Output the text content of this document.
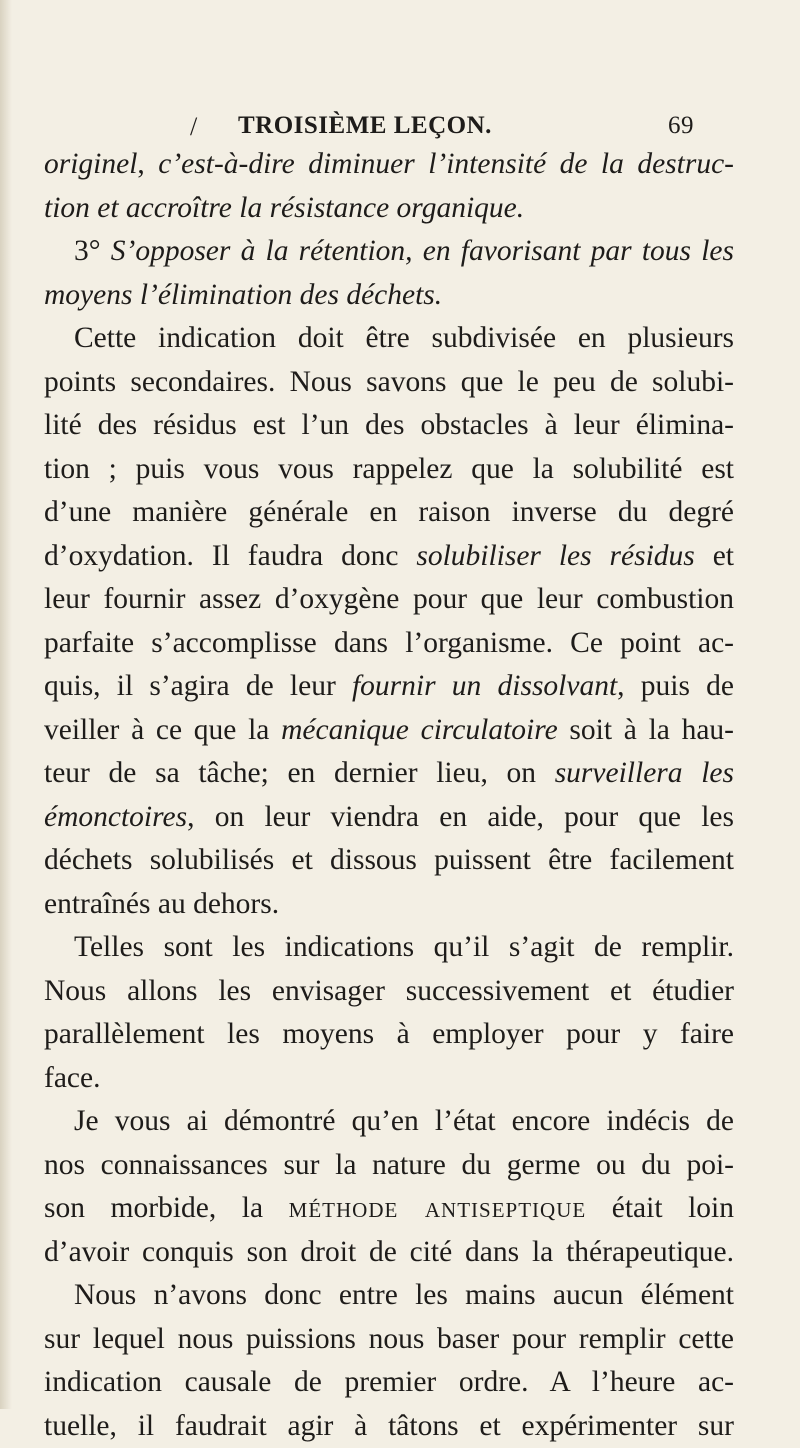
/ TROISIÈME LEÇON.	69
originel, c’est-à-dire diminuer l’intensité de la destruc-
tion et accroître la résistance organique.
3° S’opposer à la rétention, en favorisant par tous les
moyens l’élimination des déchets.
Cette indication doit être subdivisée en plusieurs
points secondaires. Nous savons que le peu de solubi-
lité des résidus est l’un des obstacles à leur élimina-
tion ; puis vous vous rappelez que la solubilité est
d’une manière générale en raison inverse du degré
d’oxydation. Il faudra donc solubiliser les résidus et
leur fournir assez d’oxygène pour que leur combustion
parfaite s’accomplisse dans l’organisme. Ce point ac-
quis, il s’agira de leur fournir un dissolvant, puis de
veiller à ce que la mécanique circulatoire soit à la hau-
teur de sa tâche; en dernier lieu, on surveillera les
émonctoires, on leur viendra en aide, pour que les
déchets solubilisés et dissous puissent être facilement
entraînés au dehors.
Telles sont les indications qu’il s’agit de remplir.
Nous allons les envisager successivement et étudier
parallèlement les moyens à employer pour y faire
face.
Je vous ai démontré qu’en l’état encore indécis de
nos connaissances sur la nature du germe ou du poi-
son morbide, la méthode antiseptique était loin
d’avoir conquis son droit de cité dans la thérapeutique.
Nous n’avons donc entre les mains aucun élément
sur lequel nous puissions nous baser pour remplir cette
indication causale de premier ordre. A l’heure ac-
tuelle, il faudrait agir à tâtons et expérimenter sur
